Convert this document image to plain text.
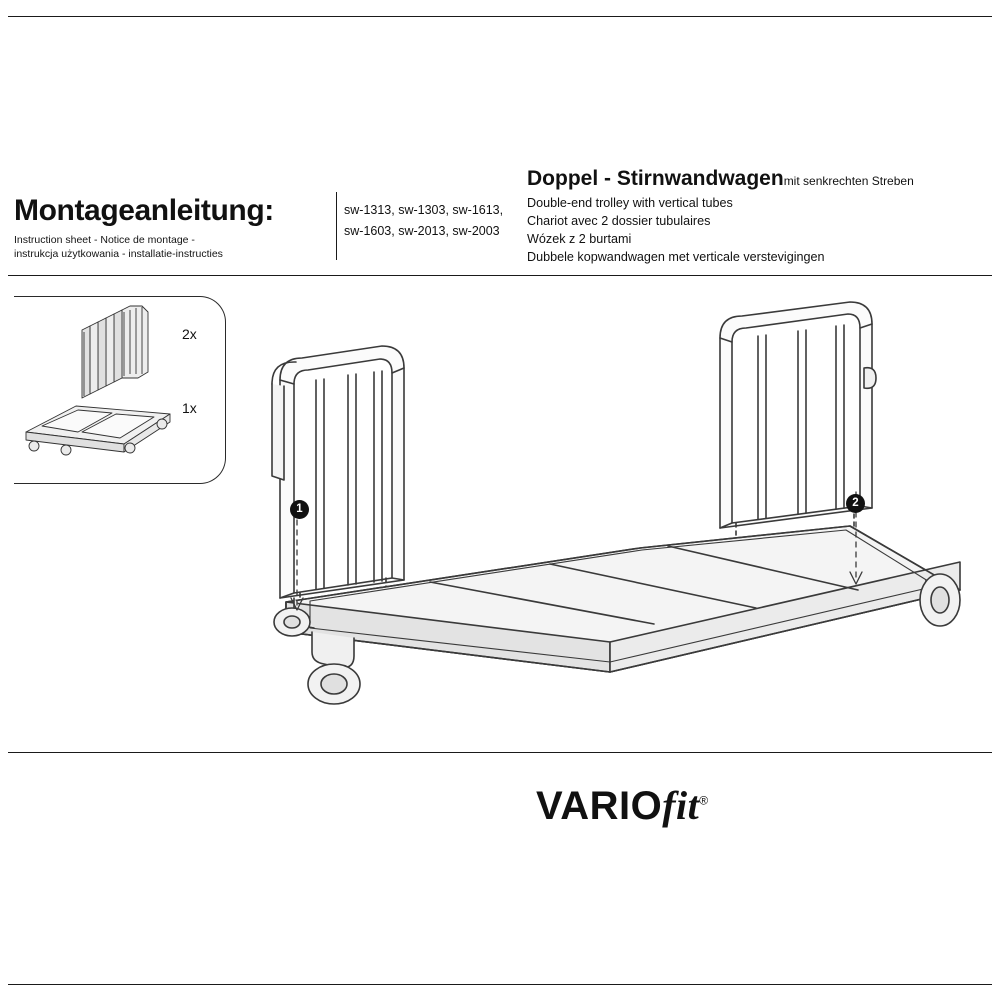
Montageanleitung:
Instruction sheet - Notice de montage -
instrukcja użytkowania - installatie-instructies
sw-1313, sw-1303, sw-1613,
sw-1603, sw-2013, sw-2003
Doppel - Stirnwandwagenmit senkrechten Streben
Double-end trolley with vertical tubes
Chariot avec 2 dossier tubulaires
Wózek z 2 burtami
Dubbele kopwandwagen met verticale verstevigingen
2x
1x
1	2
VARIOfit®
